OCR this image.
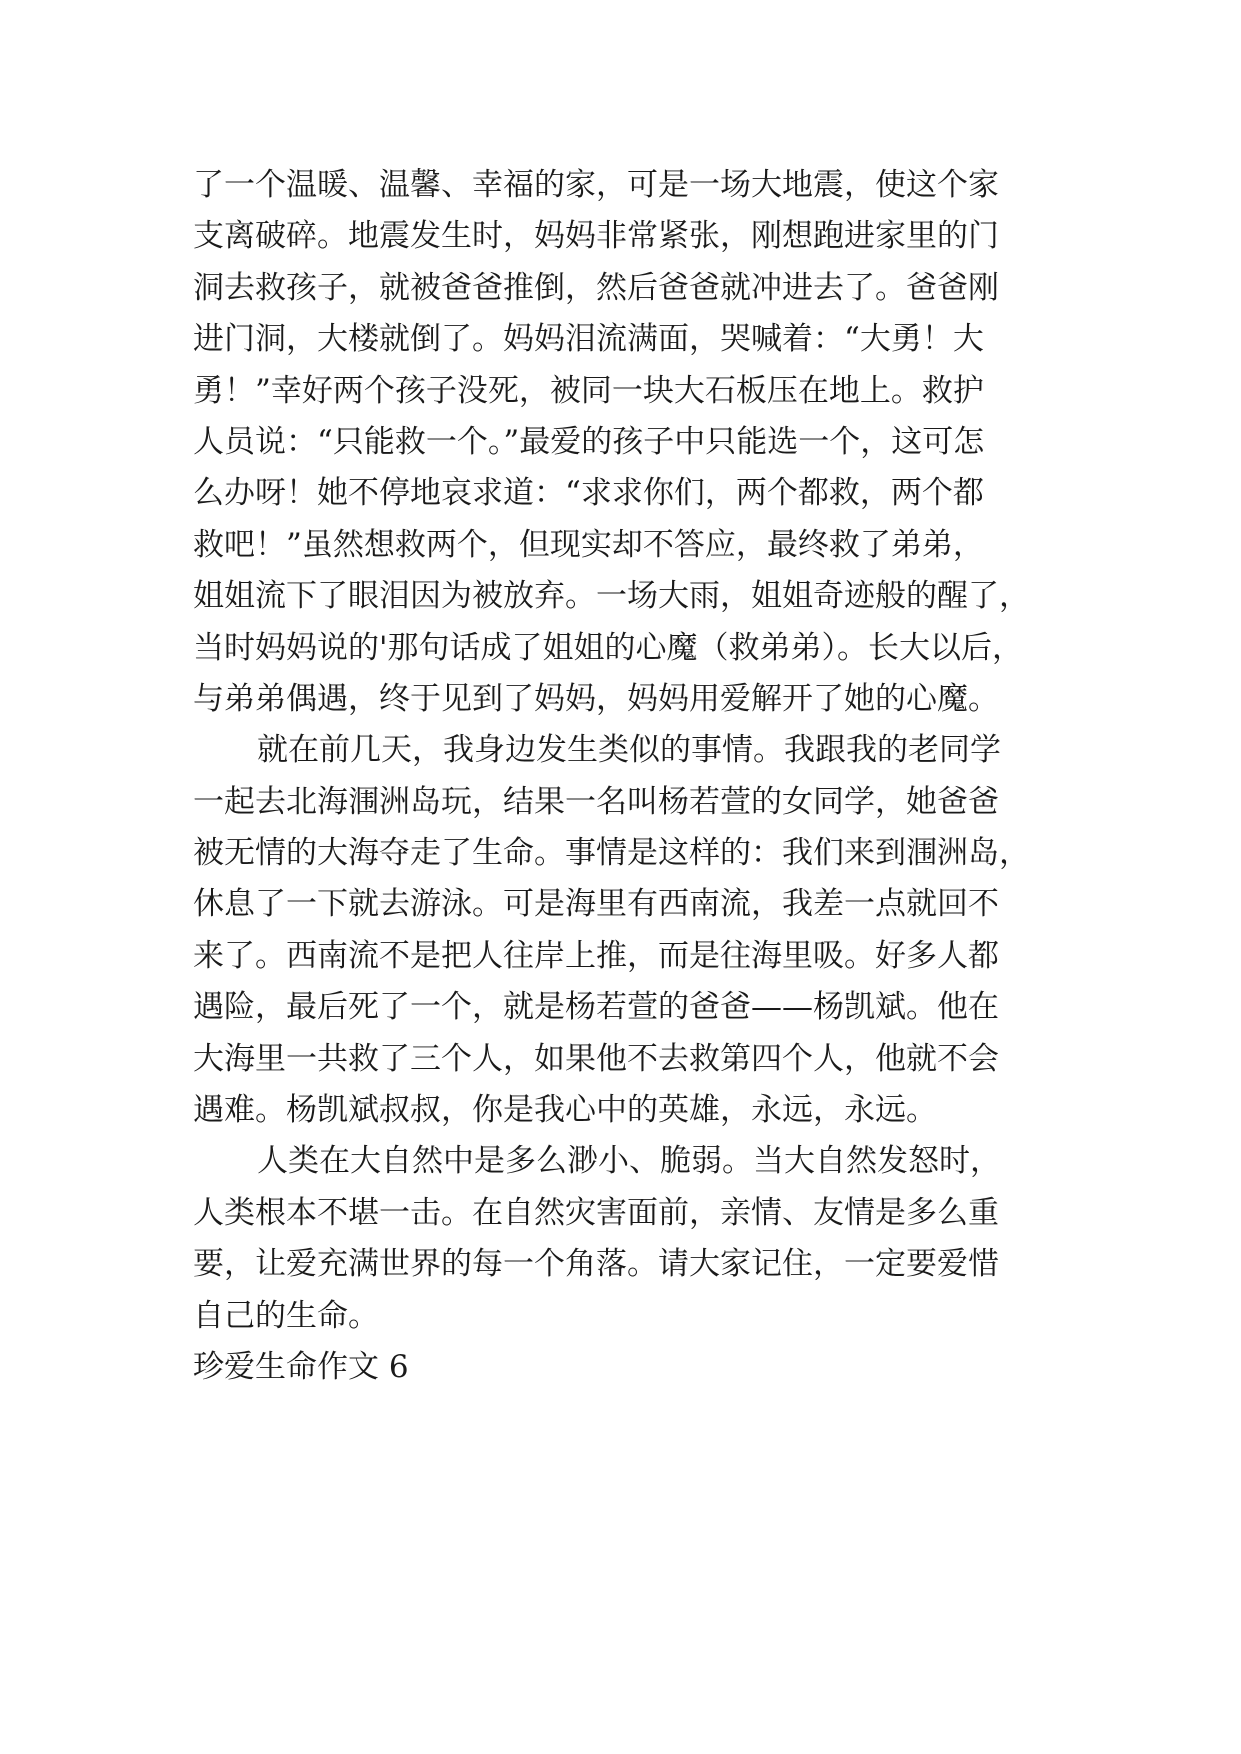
了一个温暖、温馨、幸福的家，可是一场大地震，使这个家
支离破碎。地震发生时，妈妈非常紧张，刚想跑进家里的门
洞去救孩子，就被爸爸推倒，然后爸爸就冲进去了。爸爸刚
进门洞，大楼就倒了。妈妈泪流满面，哭喊着：“大勇！大
勇！”幸好两个孩子没死，被同一块大石板压在地上。救护
人员说：“只能救一个。”最爱的孩子中只能选一个，这可怎
么办呀！她不停地哀求道：“求求你们，两个都救，两个都
救吧！”虽然想救两个，但现实却不答应，最终救了弟弟，
姐姐流下了眼泪因为被放弃。一场大雨，姐姐奇迹般的醒了，
当时妈妈说的'那句话成了姐姐的心魔（救弟弟）。长大以后，
与弟弟偶遇，终于见到了妈妈，妈妈用爱解开了她的心魔。
就在前几天，我身边发生类似的事情。我跟我的老同学
一起去北海涠洲岛玩，结果一名叫杨若萱的女同学，她爸爸
被无情的大海夺走了生命。事情是这样的：我们来到涠洲岛，
休息了一下就去游泳。可是海里有西南流，我差一点就回不
来了。西南流不是把人往岸上推，而是往海里吸。好多人都
遇险，最后死了一个，就是杨若萱的爸爸——杨凯斌。他在
大海里一共救了三个人，如果他不去救第四个人，他就不会
遇难。杨凯斌叔叔，你是我心中的英雄，永远，永远。
人类在大自然中是多么渺小、脆弱。当大自然发怒时，
人类根本不堪一击。在自然灾害面前，亲情、友情是多么重
要，让爱充满世界的每一个角落。请大家记住，一定要爱惜
自己的生命。
珍爱生命作文 6
